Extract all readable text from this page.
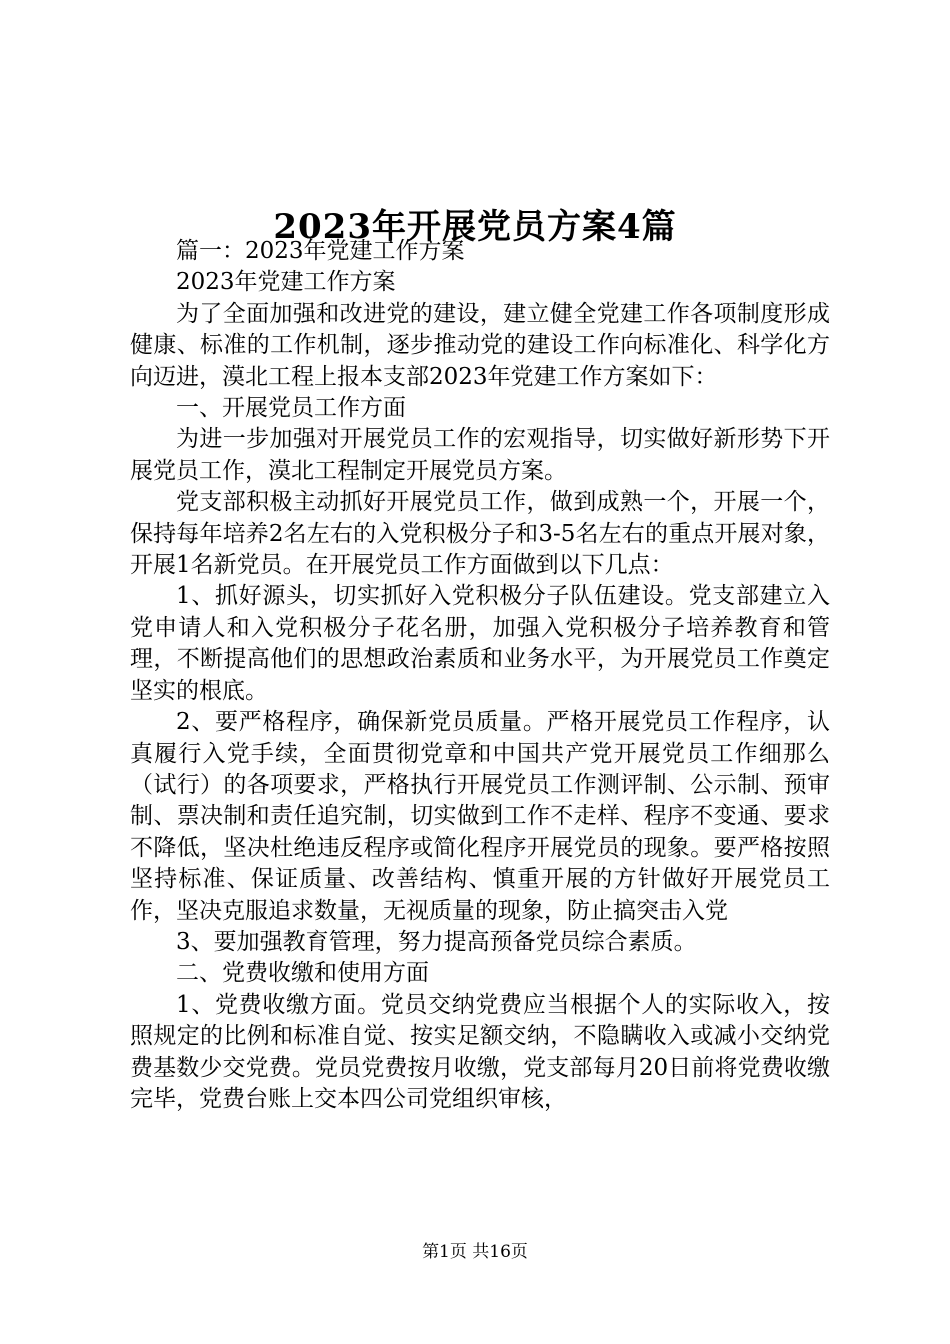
2023年开展党员方案4篇

篇一：2023年党建工作方案

2023年党建工作方案

为了全面加强和改进党的建设，建立健全党建工作各项制度形成健康、标准的工作机制，逐步推动党的建设工作向标准化、科学化方向迈进，漠北工程上报本支部2023年党建工作方案如下：

一、开展党员工作方面

为进一步加强对开展党员工作的宏观指导，切实做好新形势下开展党员工作，漠北工程制定开展党员方案。

党支部积极主动抓好开展党员工作，做到成熟一个，开展一个，保持每年培养2名左右的入党积极分子和3-5名左右的重点开展对象，开展1名新党员。在开展党员工作方面做到以下几点：

1、抓好源头，切实抓好入党积极分子队伍建设。党支部建立入党申请人和入党积极分子花名册，加强入党积极分子培养教育和管理，不断提高他们的思想政治素质和业务水平，为开展党员工作奠定坚实的根底。

2、要严格程序，确保新党员质量。严格开展党员工作程序，认真履行入党手续，全面贯彻党章和中国共产党开展党员工作细那么（试行）的各项要求，严格执行开展党员工作测评制、公示制、预审制、票决制和责任追究制，切实做到工作不走样、程序不变通、要求不降低，坚决杜绝违反程序或简化程序开展党员的现象。要严格按照坚持标准、保证质量、改善结构、慎重开展的方针做好开展党员工作，坚决克服追求数量，无视质量的现象，防止搞突击入党

3、要加强教育管理，努力提高预备党员综合素质。

二、党费收缴和使用方面

1、党费收缴方面。党员交纳党费应当根据个人的实际收入，按照规定的比例和标准自觉、按实足额交纳，不隐瞒收入或减小交纳党费基数少交党费。党员党费按月收缴，党支部每月20日前将党费收缴完毕，党费台账上交本四公司党组织审核，

第1页 共16页
